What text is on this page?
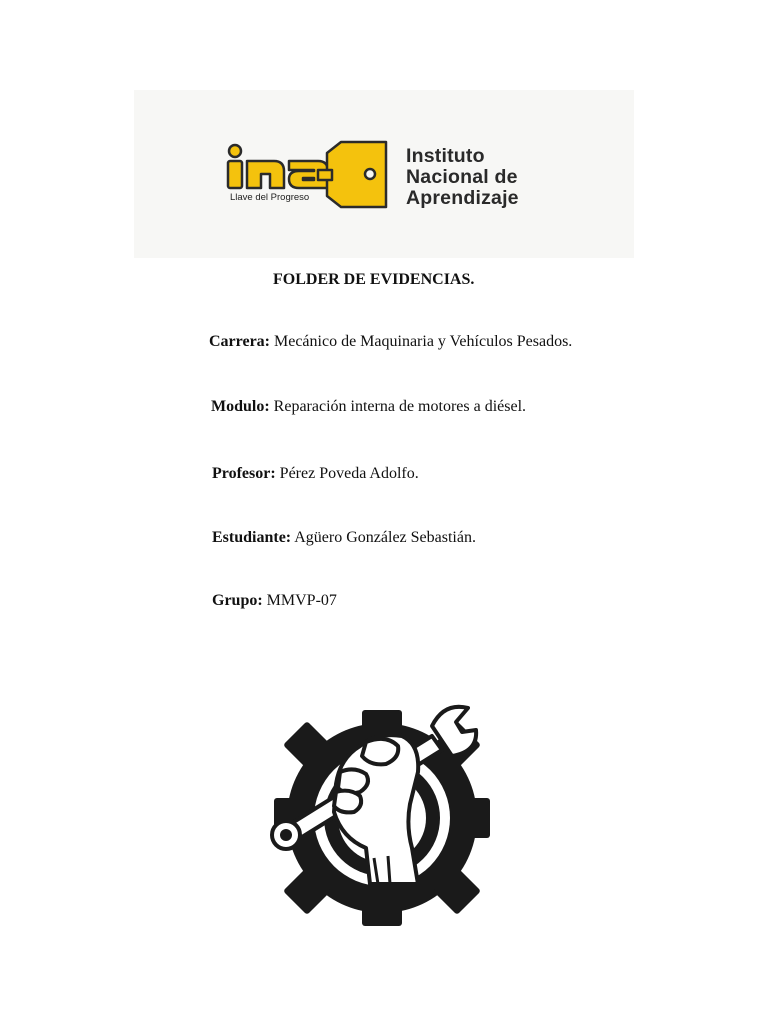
Llave del Progreso
Instituto
Nacional de
Aprendizaje
FOLDER DE EVIDENCIAS.
Carrera: Mecánico de Maquinaria y Vehículos Pesados.
Modulo: Reparación interna de motores a diésel.
Profesor: Pérez Poveda Adolfo.
Estudiante: Agüero González Sebastián.
Grupo: MMVP-07
